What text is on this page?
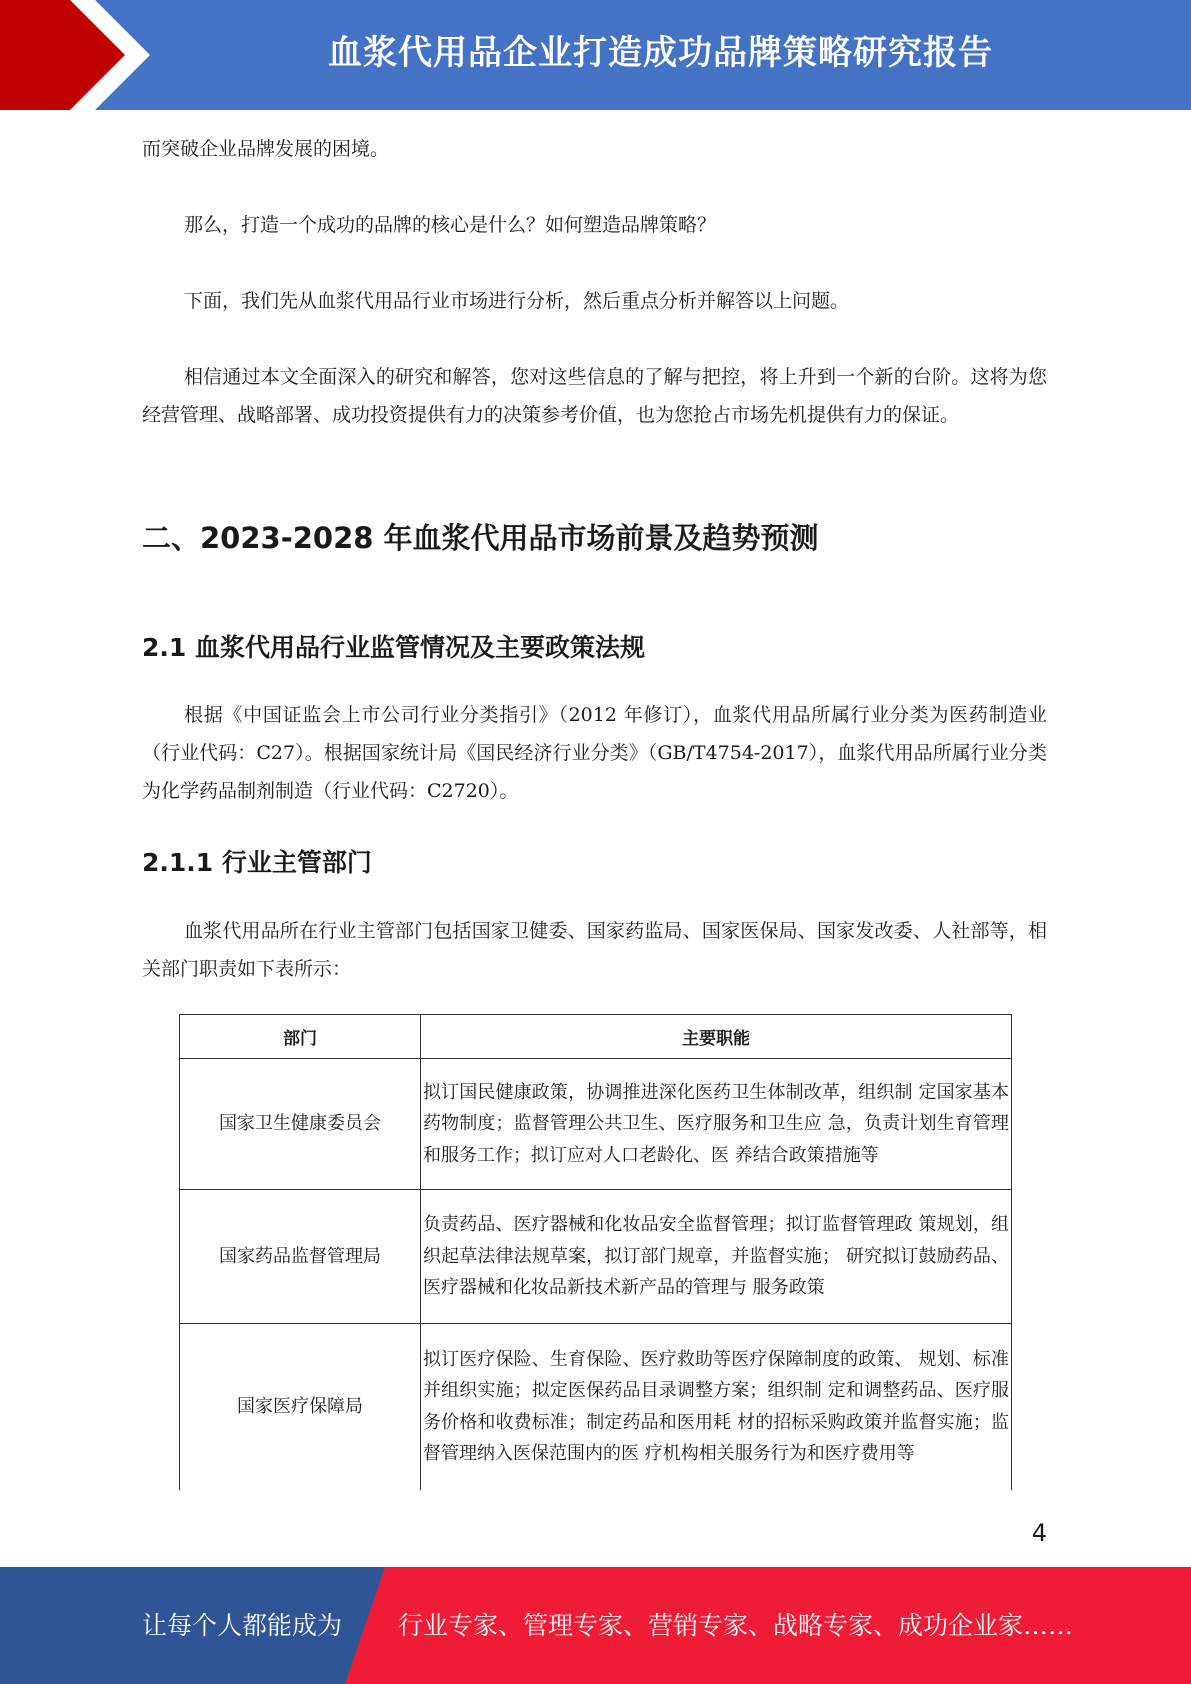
血浆代用品企业打造成功品牌策略研究报告

而突破企业品牌发展的困境。

那么，打造一个成功的品牌的核心是什么？如何塑造品牌策略？

下面，我们先从血浆代用品行业市场进行分析，然后重点分析并解答以上问题。

相信通过本文全面深入的研究和解答，您对这些信息的了解与把控，将上升到一个新的台阶。这将为您经营管理、战略部署、成功投资提供有力的决策参考价值，也为您抢占市场先机提供有力的保证。

二、2023-2028 年血浆代用品市场前景及趋势预测
2.1 血浆代用品行业监管情况及主要政策法规

根据《中国证监会上市公司行业分类指引》（2012 年修订），血浆代用品所属行业分类为医药制造业（行业代码：C27）。根据国家统计局《国民经济行业分类》（GB/T4754-2017），血浆代用品所属行业分类为化学药品制剂制造（行业代码：C2720）。

2.1.1 行业主管部门

血浆代用品所在行业主管部门包括国家卫健委、国家药监局、国家医保局、国家发改委、人社部等，相关部门职责如下表所示：

部门	主要职能
国家卫生健康委员会	拟订国民健康政策，协调推进深化医药卫生体制改革，组织制 定国家基本药物制度；监督管理公共卫生、医疗服务和卫生应 急，负责计划生育管理和服务工作；拟订应对人口老龄化、医 养结合政策措施等
国家药品监督管理局	负责药品、医疗器械和化妆品安全监督管理；拟订监督管理政 策规划，组织起草法律法规草案，拟订部门规章，并监督实施； 研究拟订鼓励药品、医疗器械和化妆品新技术新产品的管理与 服务政策
国家医疗保障局	拟订医疗保险、生育保险、医疗救助等医疗保障制度的政策、 规划、标准并组织实施；拟定医保药品目录调整方案；组织制 定和调整药品、医疗服务价格和收费标准；制定药品和医用耗 材的招标采购政策并监督实施；监督管理纳入医保范围内的医 疗机构相关服务行为和医疗费用等
4
让每个人都能成为 行业专家、管理专家、营销专家、战略专家、成功企业家……
